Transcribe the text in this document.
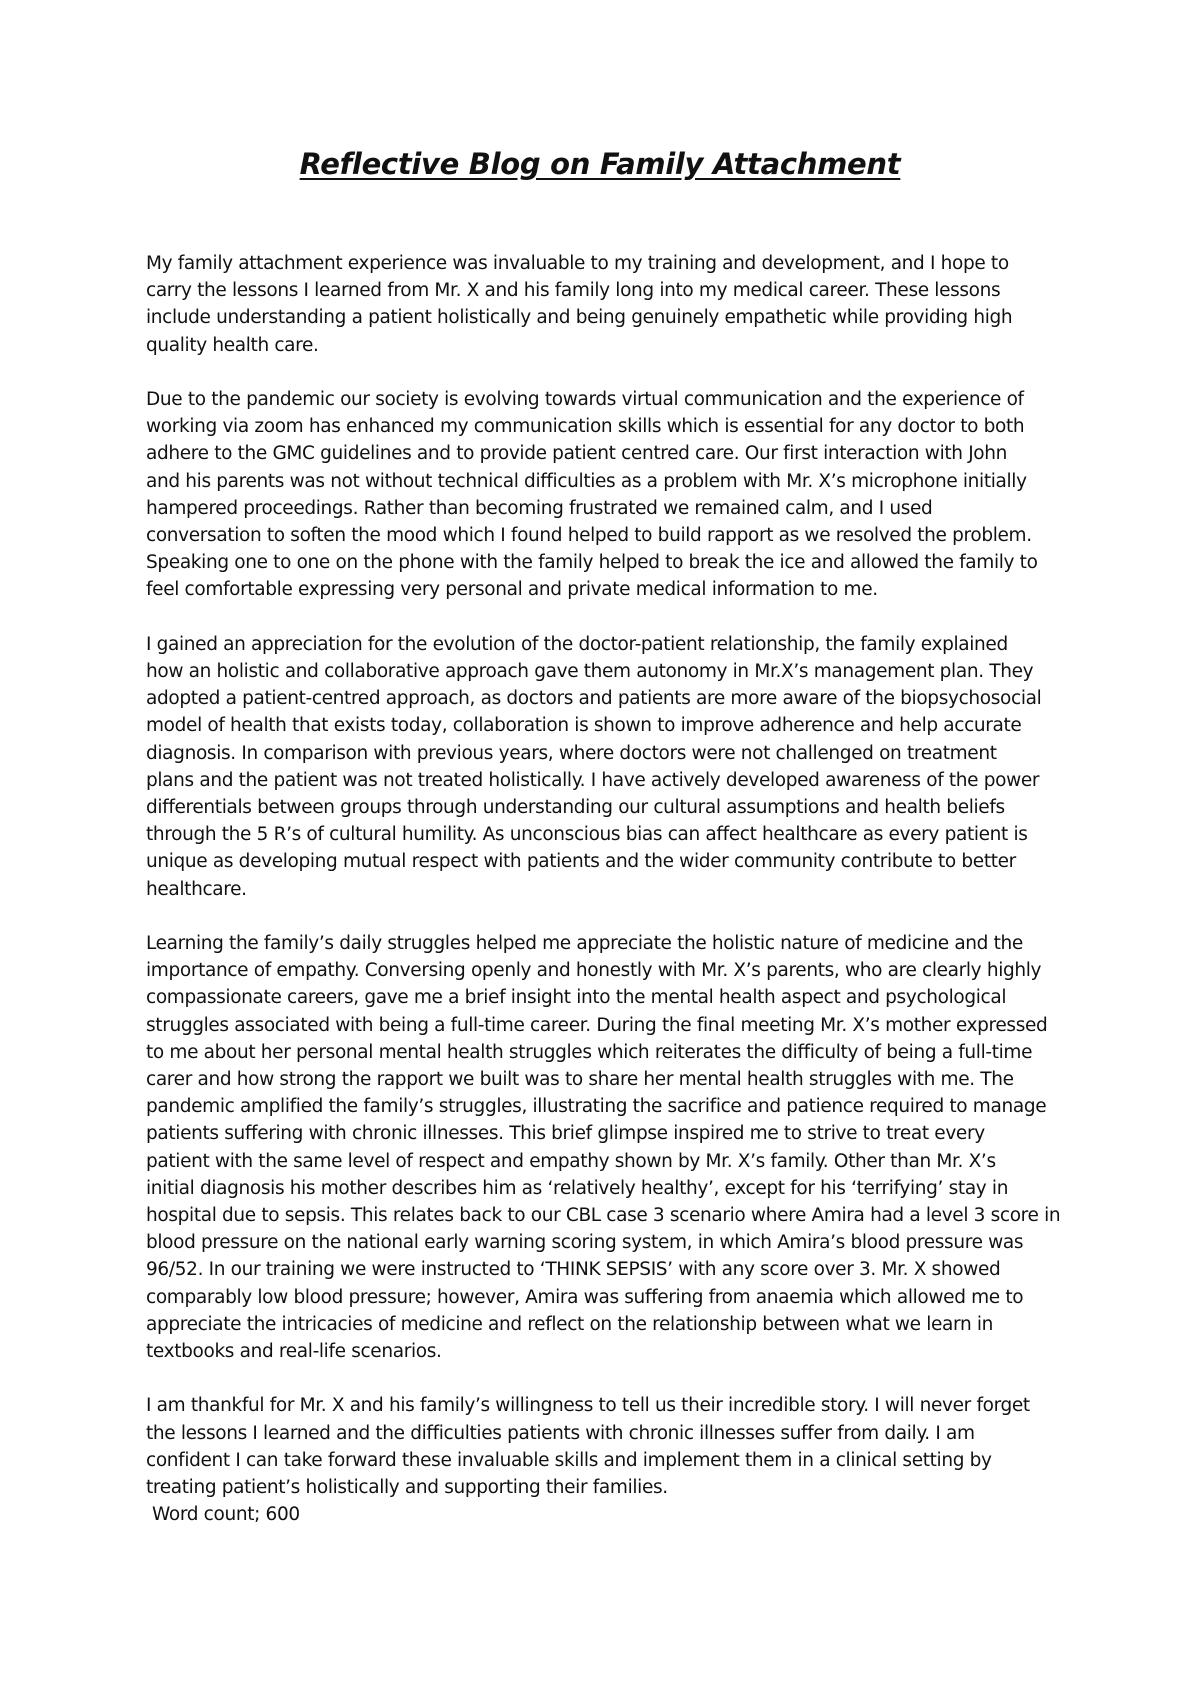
Reflective Blog on Family Attachment

My family attachment experience was invaluable to my training and development, and I hope to
carry the lessons I learned from Mr. X and his family long into my medical career. These lessons
include understanding a patient holistically and being genuinely empathetic while providing high
quality health care.

Due to the pandemic our society is evolving towards virtual communication and the experience of
working via zoom has enhanced my communication skills which is essential for any doctor to both
adhere to the GMC guidelines and to provide patient centred care. Our first interaction with John
and his parents was not without technical difficulties as a problem with Mr. X’s microphone initially
hampered proceedings. Rather than becoming frustrated we remained calm, and I used
conversation to soften the mood which I found helped to build rapport as we resolved the problem.
Speaking one to one on the phone with the family helped to break the ice and allowed the family to
feel comfortable expressing very personal and private medical information to me.

I gained an appreciation for the evolution of the doctor-patient relationship, the family explained
how an holistic and collaborative approach gave them autonomy in Mr.X’s management plan. They
adopted a patient-centred approach, as doctors and patients are more aware of the biopsychosocial
model of health that exists today, collaboration is shown to improve adherence and help accurate
diagnosis. In comparison with previous years, where doctors were not challenged on treatment
plans and the patient was not treated holistically. I have actively developed awareness of the power
differentials between groups through understanding our cultural assumptions and health beliefs
through the 5 R’s of cultural humility. As unconscious bias can affect healthcare as every patient is
unique as developing mutual respect with patients and the wider community contribute to better
healthcare.

Learning the family’s daily struggles helped me appreciate the holistic nature of medicine and the
importance of empathy. Conversing openly and honestly with Mr. X’s parents, who are clearly highly
compassionate careers, gave me a brief insight into the mental health aspect and psychological
struggles associated with being a full-time career. During the final meeting Mr. X’s mother expressed
to me about her personal mental health struggles which reiterates the difficulty of being a full-time
carer and how strong the rapport we built was to share her mental health struggles with me. The
pandemic amplified the family’s struggles, illustrating the sacrifice and patience required to manage
patients suffering with chronic illnesses. This brief glimpse inspired me to strive to treat every
patient with the same level of respect and empathy shown by Mr. X’s family. Other than Mr. X’s
initial diagnosis his mother describes him as ‘relatively healthy’, except for his ‘terrifying’ stay in
hospital due to sepsis. This relates back to our CBL case 3 scenario where Amira had a level 3 score in
blood pressure on the national early warning scoring system, in which Amira’s blood pressure was
96/52. In our training we were instructed to ‘THINK SEPSIS’ with any score over 3. Mr. X showed
comparably low blood pressure; however, Amira was suffering from anaemia which allowed me to
appreciate the intricacies of medicine and reflect on the relationship between what we learn in
textbooks and real-life scenarios.

I am thankful for Mr. X and his family’s willingness to tell us their incredible story. I will never forget
the lessons I learned and the difficulties patients with chronic illnesses suffer from daily. I am
confident I can take forward these invaluable skills and implement them in a clinical setting by
treating patient’s holistically and supporting their families.

Word count; 600
